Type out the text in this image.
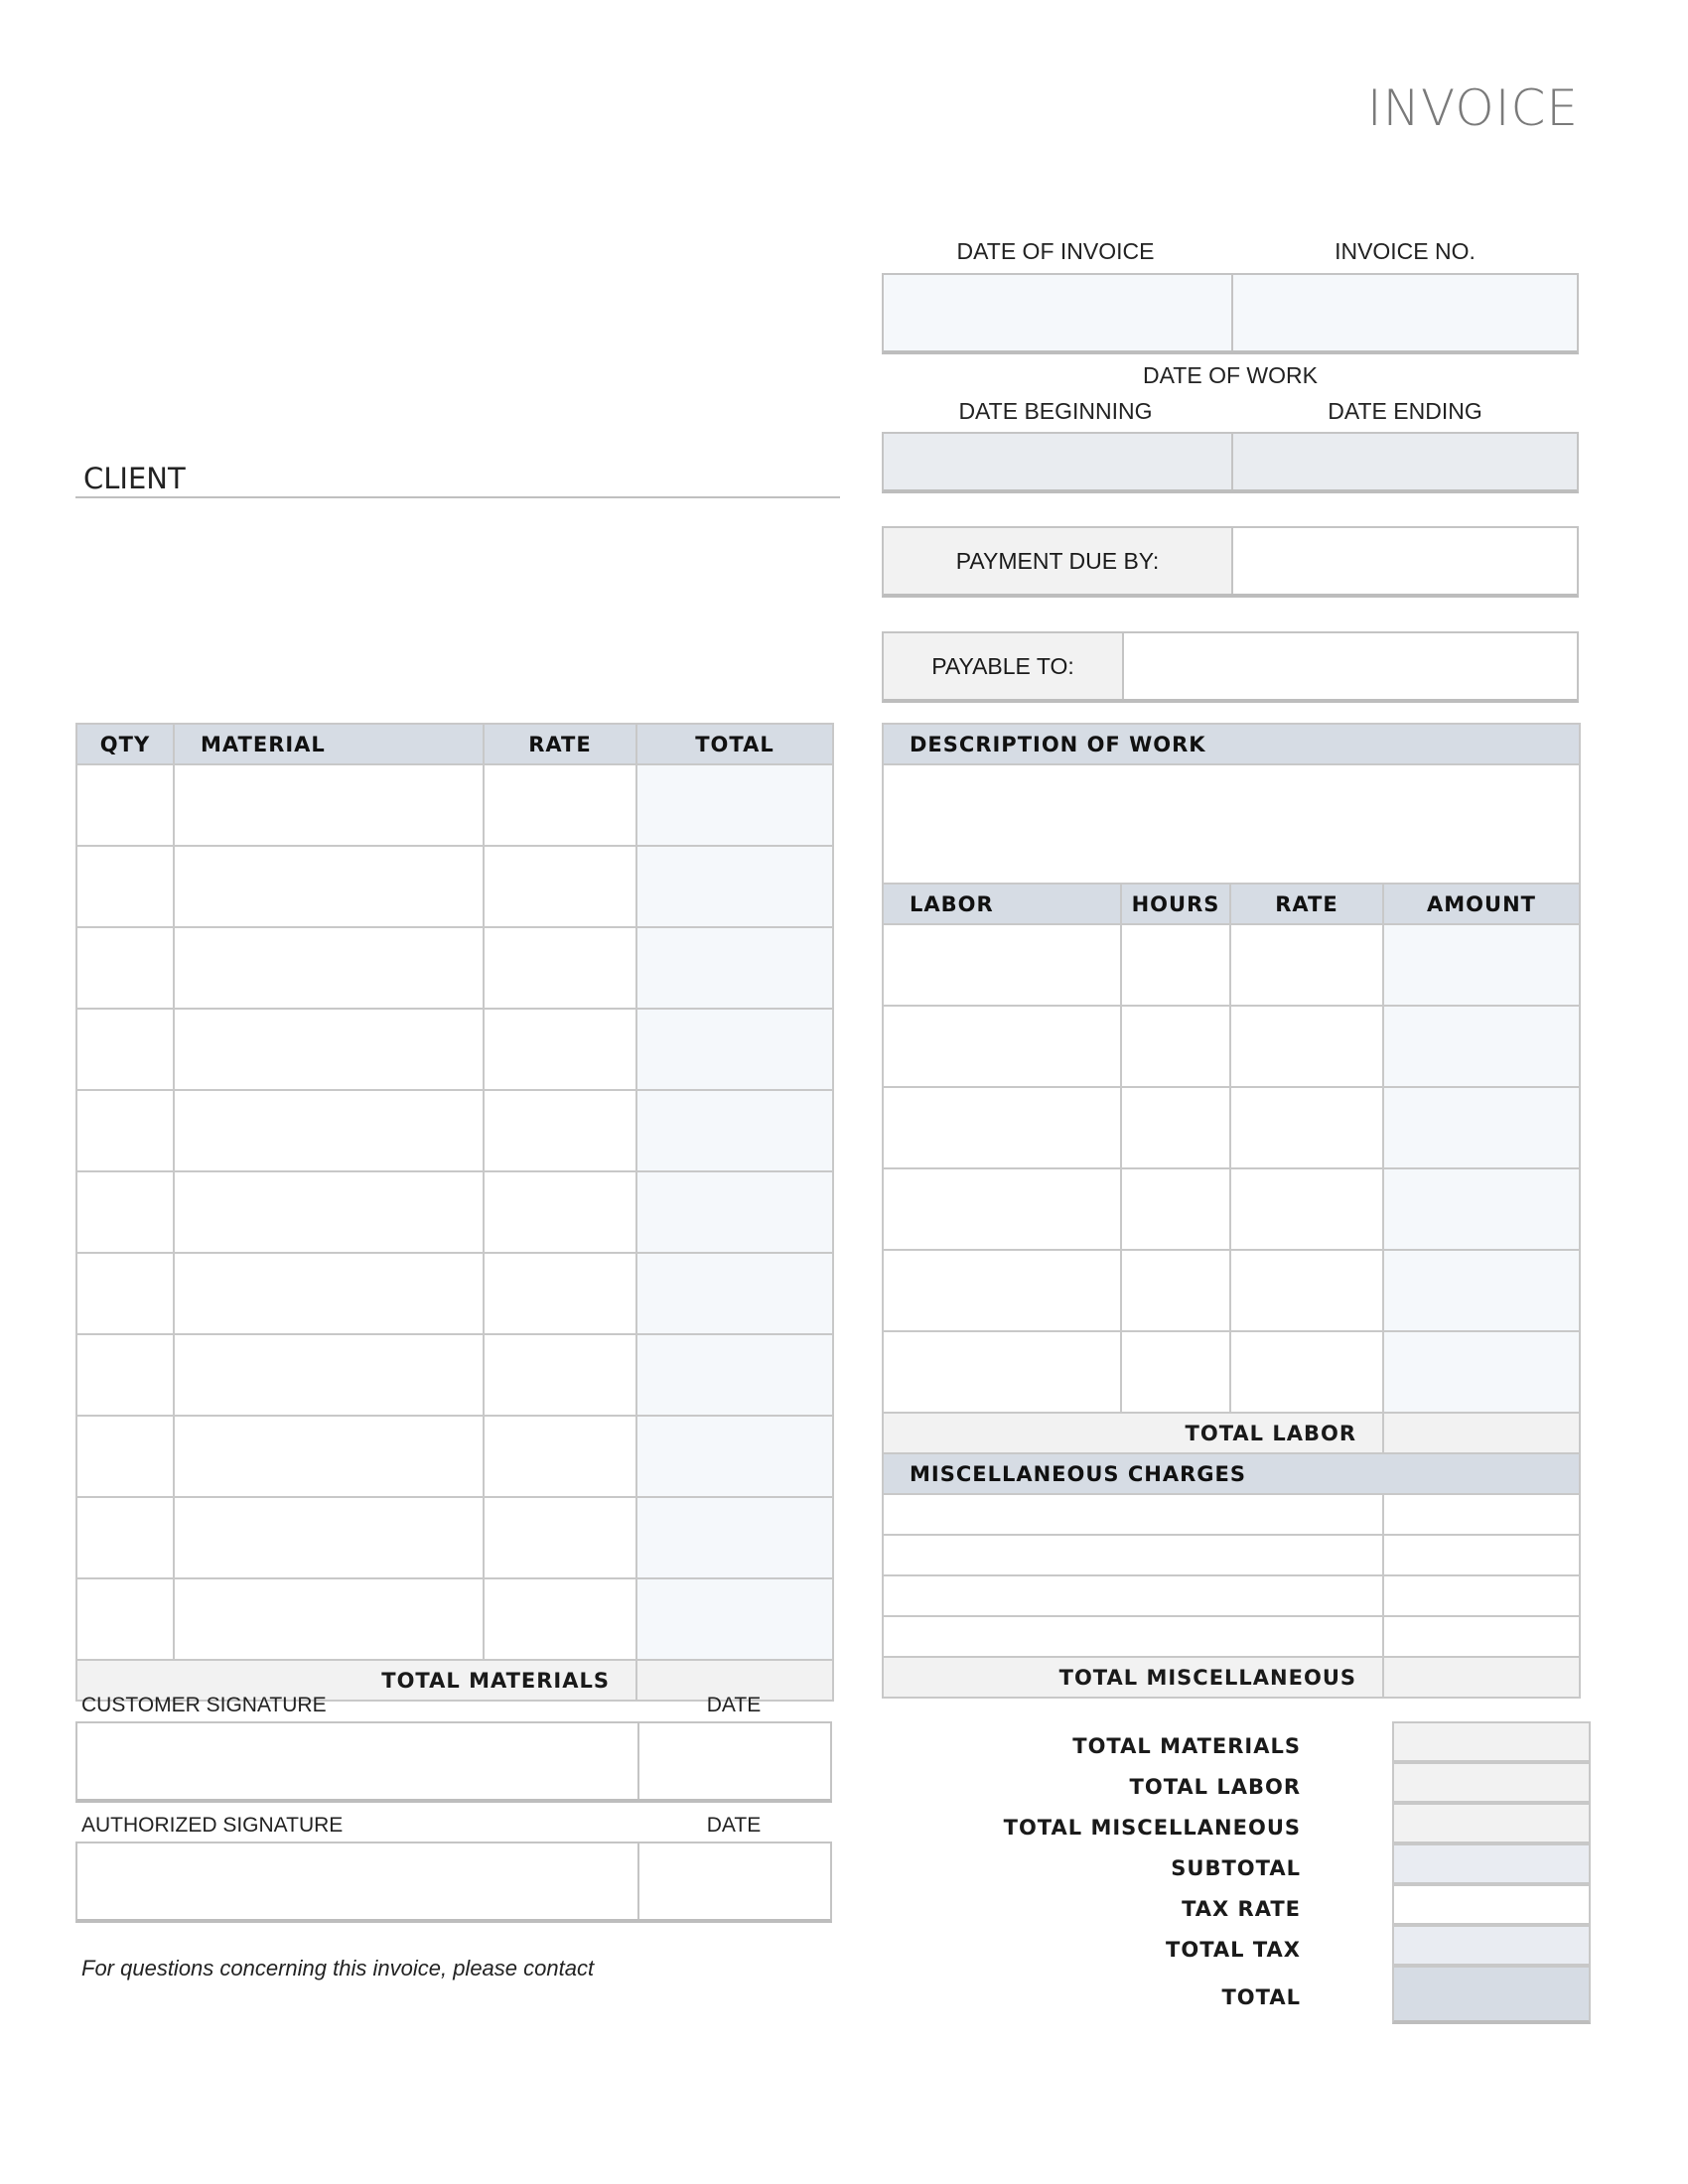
INVOICE
DATE OF INVOICE	INVOICE NO.
DATE OF WORK
DATE BEGINNING	DATE ENDING
CLIENT
PAYMENT DUE BY:
PAYABLE TO:
QTY	MATERIAL	RATE	TOTAL

TOTAL MATERIALS			
DESCRIPTION OF WORK			

LABOR	HOURS	RATE	AMOUNT

TOTAL LABOR			
MISCELLANEOUS CHARGES			

TOTAL MISCELLANEOUS			
CUSTOMER SIGNATURE	DATE
AUTHORIZED SIGNATURE	DATE
For questions concerning this invoice, please contact
TOTAL MATERIALS
TOTAL LABOR
TOTAL MISCELLANEOUS
SUBTOTAL
TAX RATE
TOTAL TAX
TOTAL
